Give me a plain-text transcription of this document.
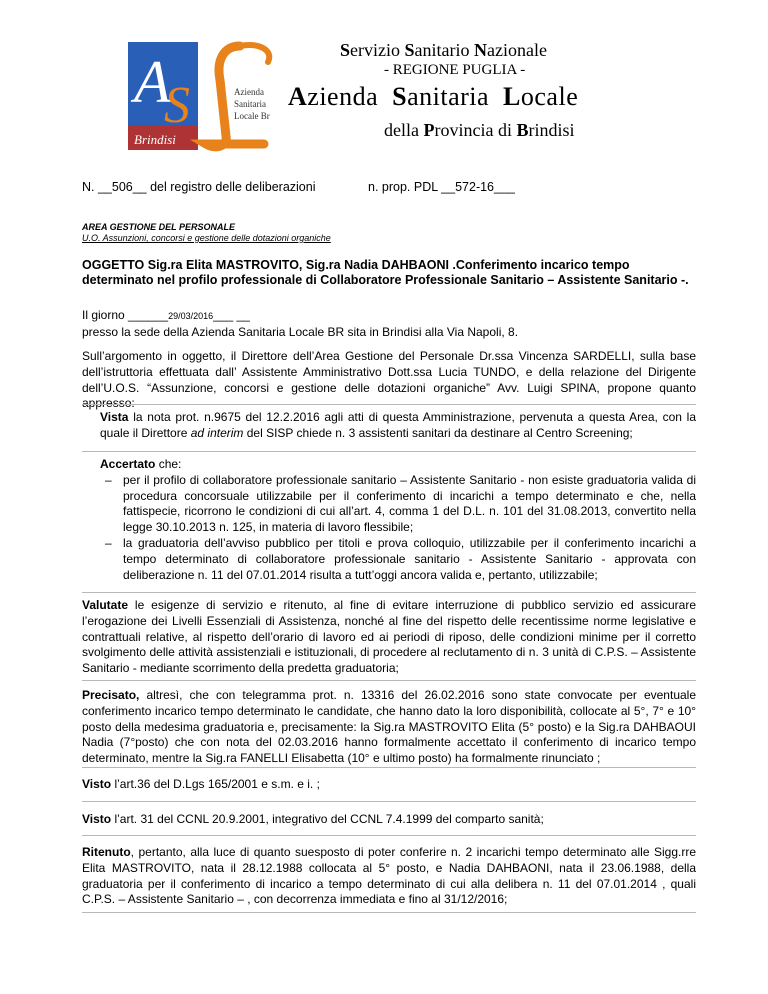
A
S	Azienda
Sanitaria
Locale Br
Brindisi
Servizio Sanitario Nazionale
- REGIONE PUGLIA -
Azienda  Sanitaria  Locale
della Provincia di Brindisi
N. __506__ del registro delle deliberazioni	n. prop. PDL __572-16___
AREA GESTIONE DEL PERSONALE
U.O. Assunzioni, concorsi e gestione delle dotazioni organiche
OGGETTO Sig.ra Elita MASTROVITO, Sig.ra Nadia DAHBAONI .Conferimento incarico tempo determinato nel profilo professionale di Collaboratore Professionale Sanitario – Assistente Sanitario -.
Il giorno ______29/03/2016___ __
presso la sede della Azienda Sanitaria Locale BR sita in Brindisi alla Via Napoli, 8.
Sull’argomento in oggetto, il Direttore dell’Area Gestione del Personale Dr.ssa Vincenza SARDELLI, sulla base dell’istruttoria effettuata dall’ Assistente Amministrativo Dott.ssa Lucia TUNDO, e della relazione del Dirigente dell’U.O.S. “Assunzione, concorsi e gestione delle dotazioni organiche” Avv. Luigi SPINA, propone quanto appresso:
Vista la nota prot. n.9675 del 12.2.2016 agli atti di questa Amministrazione, pervenuta a questa Area, con la quale il Direttore ad interim del SISP chiede n. 3 assistenti sanitari da destinare al Centro Screening;
Accertato che:
– per il profilo di collaboratore professionale sanitario – Assistente Sanitario - non esiste graduatoria valida di procedura concorsuale utilizzabile per il conferimento di incarichi a tempo determinato e che, nella fattispecie, ricorrono le condizioni di cui all’art. 4, comma 1 del D.L. n. 101 del 31.08.2013, convertito nella legge 30.10.2013 n. 125, in materia di lavoro flessibile;
– la graduatoria dell’avviso pubblico per titoli e prova colloquio, utilizzabile per il conferimento incarichi a tempo determinato di collaboratore professionale sanitario - Assistente Sanitario - approvata con deliberazione n. 11 del 07.01.2014 risulta a tutt’oggi ancora valida e, pertanto, utilizzabile;
Valutate le esigenze di servizio e ritenuto, al fine di evitare interruzione di pubblico servizio ed assicurare l’erogazione dei Livelli Essenziali di Assistenza, nonché al fine del rispetto delle recentissime norme legislative e contrattuali relative, al rispetto dell’orario di lavoro ed ai periodi di riposo, delle condizioni minime per il corretto svolgimento delle attività assistenziali e istituzionali, di procedere al reclutamento di n. 3 unità di C.P.S. – Assistente Sanitario - mediante scorrimento della predetta graduatoria;
Precisato, altresì, che con telegramma prot. n. 13316 del 26.02.2016 sono state convocate per eventuale conferimento incarico tempo determinato le candidate, che hanno dato la loro disponibilità, collocate al 5°, 7° e 10° posto della medesima graduatoria e, precisamente: la Sig.ra MASTROVITO Elita (5° posto) e la Sig.ra DAHBAOUI Nadia (7°posto) che con nota del 02.03.2016 hanno formalmente accettato il conferimento di incarico tempo determinato, mentre la Sig.ra FANELLI Elisabetta (10° e ultimo posto) ha formalmente rinunciato ;
Visto l’art.36 del D.Lgs 165/2001 e s.m. e i. ;
Visto l’art. 31 del CCNL 20.9.2001, integrativo del CCNL 7.4.1999 del comparto sanità;
Ritenuto, pertanto, alla luce di quanto suesposto di poter conferire n. 2 incarichi tempo determinato alle Sigg.rre Elita MASTROVITO, nata il 28.12.1988 collocata al 5° posto, e Nadia DAHBAONI, nata il 23.06.1988, della graduatoria per il conferimento di incarico a tempo determinato di cui alla delibera n. 11 del 07.01.2014 , quali C.P.S. – Assistente Sanitario – , con decorrenza immediata e fino al 31/12/2016;
